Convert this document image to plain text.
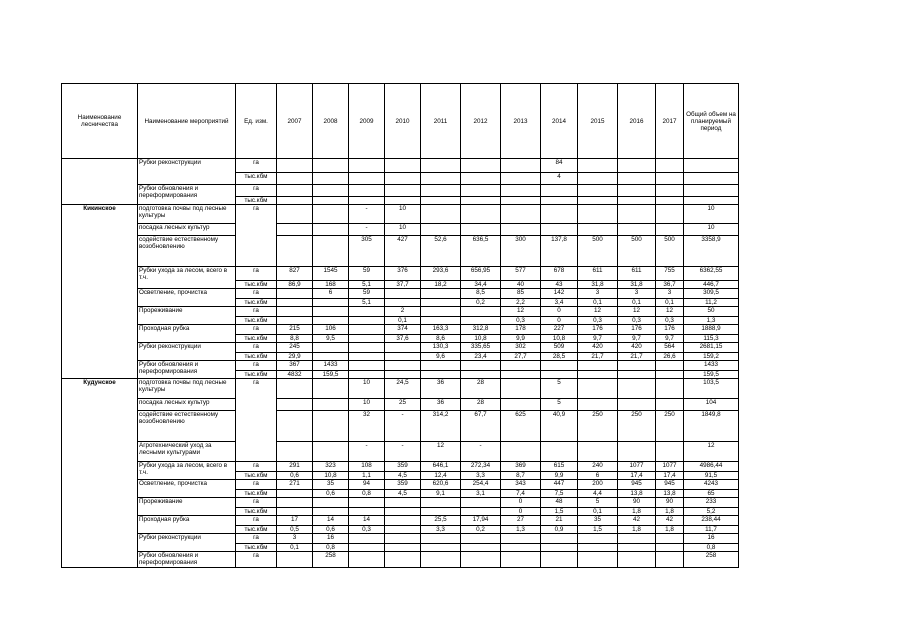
Наименование лесничества	Наименование мероприятий	Ед. изм.	2007	2008	2009	2010	2011	2012	2013	2014	2015	2016	2017	Общий объем на планируемый период
	Рубки реконструкции	га								84				
		тыс.кбм								4				
	Рубки обновления и переформирования	га												
		тыс.кбм												
Кикинское	подготовка почвы под лесные культуры	га			-	10								10
	посадка лесных культур				-	10								10
	содействие естественному возобновлению				305	427	52,6	636,5	300	137,8	500	500	500	3358,9
	Рубки ухода за лесом, всего в т.ч.	га	827	1545	59	376	293,6	656,95	577	678	611	611	755	6362,55
		тыс.кбм	86,9	168	5,1	37,7	18,2	34,4	40	43	31,8	31,8	36,7	446,7
	Осветление, прочистка	га		6	59			8,5	85	142	3	3	3	309,5
		тыс.кбм			5,1			0,2	2,2	3,4	0,1	0,1	0,1	11,2
	Прореживание	га				2			12	0	12	12	12	50
		тыс.кбм				0,1			0,3	0	0,3	0,3	0,3	1,3
	Проходная рубка	га	215	106		374	163,3	312,8	178	227	176	176	176	1888,9
		тыс.кбм	8,8	9,5		37,6	8,6	10,8	9,9	10,8	9,7	9,7	9,7	115,3
	Рубки реконструкции	га	245				130,3	335,65	302	509	420	420	564	2681,15
		тыс.кбм	29,9				9,6	23,4	27,7	28,5	21,7	21,7	26,6	159,2
	Рубки обновления и переформирования	га	367	1433										1433
		тыс.кбм	4832	159,5										159,5
Кудунское	подготовка почвы под лесные культуры	га			10	24,5	36	28		5				103,5
	посадка лесных культур				10	25	36	28		5				104
	содействие естественному возобновлению				32	-	314,2	67,7	625	40,9	250	250	250	1849,8
	Агротехнический уход за лесными культурами				-	-	12	-						12
	Рубки ухода за лесом, всего в т.ч.	га	291	323	108	359	646,1	272,34	369	615	240	1077	1077	4986,44
		тыс.кбм	0,6	10,8	1,1	4,5	12,4	3,3	8,7	9,9	6	17,4	17,4	91,5
	Осветление, прочистка	га	271	35	94	359	620,6	254,4	343	447	200	945	945	4243
		тыс.кбм		0,6	0,8	4,5	9,1	3,1	7,4	7,5	4,4	13,8	13,8	65
	Прореживание	га							0	48	5	90	90	233
		тыс.кбм							0	1,5	0,1	1,8	1,8	5,2
	Проходная рубка	га	17	14	14		25,5	17,94	27	21	35	42	42	238,44
		тыс.кбм	0,5	0,6	0,3		3,3	0,2	1,3	0,9	1,5	1,8	1,8	11,7
	Рубки реконструкции	га	3	16										16
		тыс.кбм	0,1	0,8										0,8
	Рубки обновления и переформирования	га		258										258
